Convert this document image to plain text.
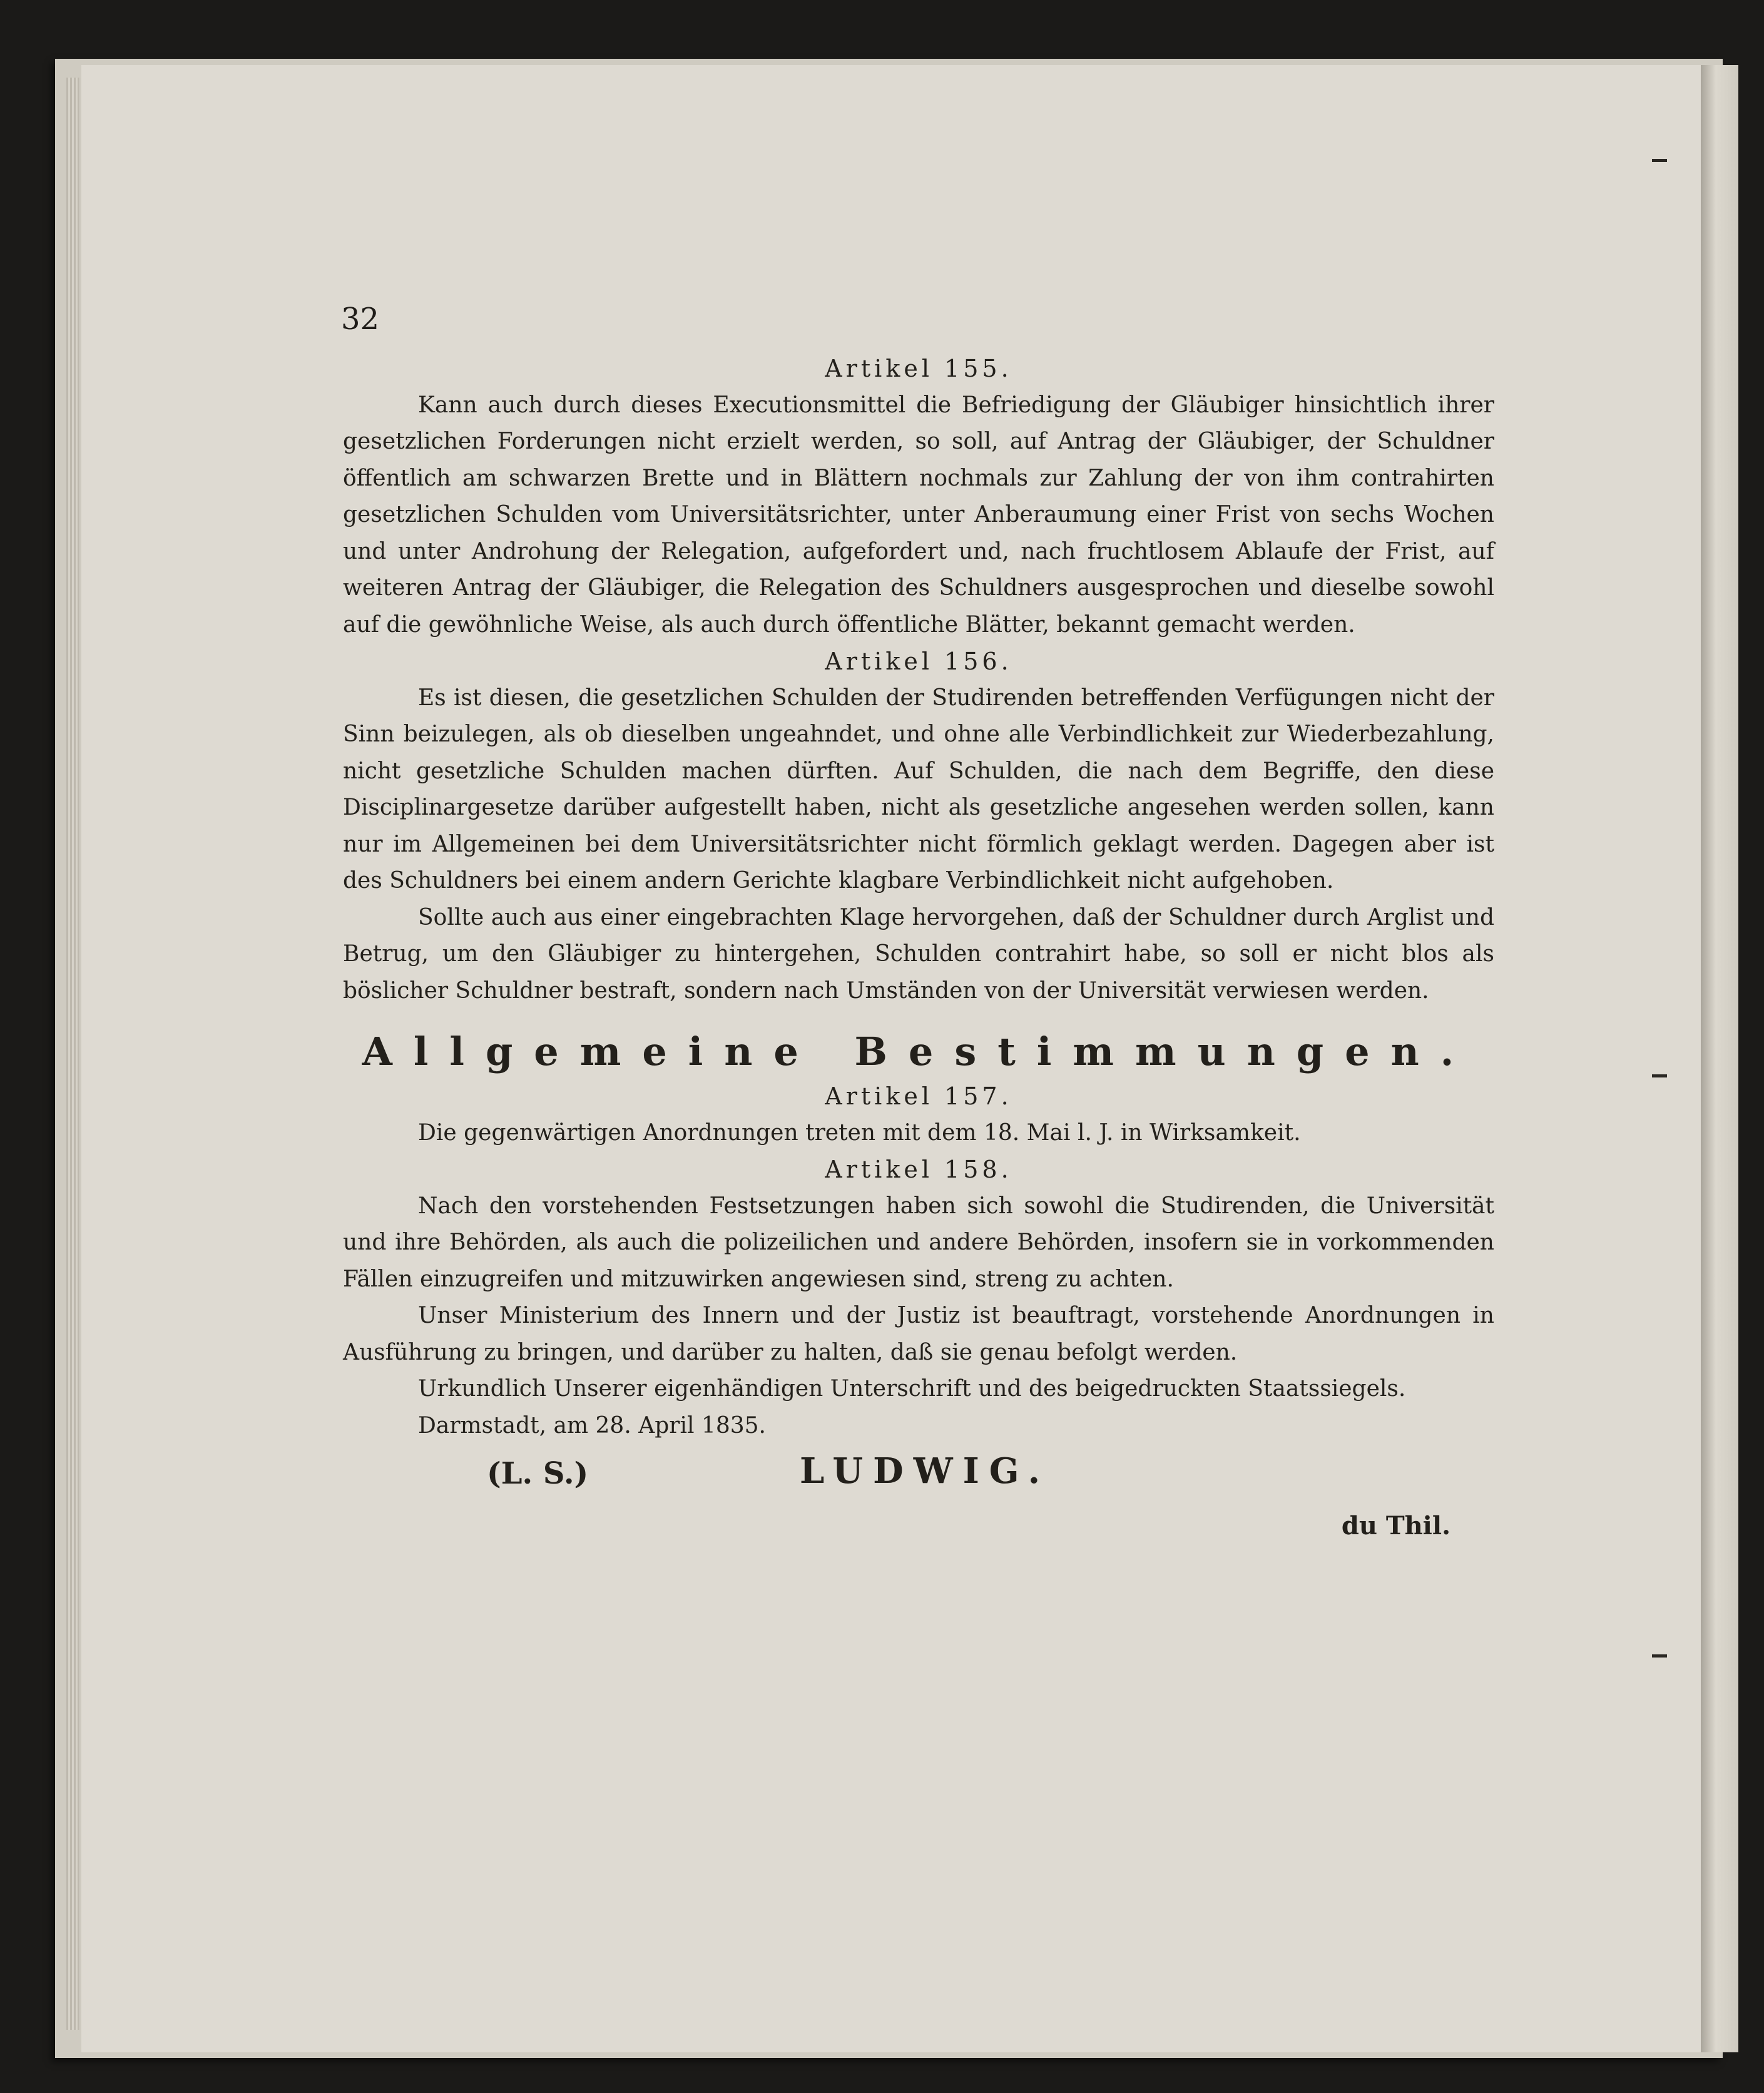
32
Artikel 155.

Kann auch durch dieses Executionsmittel die Befriedigung der Gläubiger hinsichtlich ihrer gesetzlichen Forderungen nicht erzielt werden, so soll, auf Antrag der Gläubiger, der Schuldner öffentlich am schwarzen Brette und in Blättern nochmals zur Zahlung der von ihm contrahirten gesetzlichen Schulden vom Universitätsrichter, unter Anberaumung einer Frist von sechs Wochen und unter Androhung der Relegation, aufgefordert und, nach fruchtlosem Ablaufe der Frist, auf weiteren Antrag der Gläubiger, die Relegation des Schuldners ausgesprochen und dieselbe sowohl auf die gewöhnliche Weise, als auch durch öffentliche Blätter, bekannt gemacht werden.

Artikel 156.

Es ist diesen, die gesetzlichen Schulden der Studirenden betreffenden Verfügungen nicht der Sinn beizulegen, als ob dieselben ungeahndet, und ohne alle Verbindlichkeit zur Wiederbezahlung, nicht gesetzliche Schulden machen dürften. Auf Schulden, die nach dem Begriffe, den diese Disciplinargesetze darüber aufgestellt haben, nicht als gesetzliche angesehen werden sollen, kann nur im Allgemeinen bei dem Universitätsrichter nicht förmlich geklagt werden. Dagegen aber ist des Schuldners bei einem andern Gerichte klagbare Verbindlichkeit nicht aufgehoben.

Sollte auch aus einer eingebrachten Klage hervorgehen, daß der Schuldner durch Arglist und Betrug, um den Gläubiger zu hintergehen, Schulden contrahirt habe, so soll er nicht blos als böslicher Schuldner bestraft, sondern nach Umständen von der Universität verwiesen werden.

Allgemeine Bestimmungen.
Artikel 157.

Die gegenwärtigen Anordnungen treten mit dem 18. Mai l. J. in Wirksamkeit.

Artikel 158.

Nach den vorstehenden Festsetzungen haben sich sowohl die Studirenden, die Universität und ihre Behörden, als auch die polizeilichen und andere Behörden, insofern sie in vorkommenden Fällen einzugreifen und mitzuwirken angewiesen sind, streng zu achten.

Unser Ministerium des Innern und der Justiz ist beauftragt, vorstehende Anordnungen in Ausführung zu bringen, und darüber zu halten, daß sie genau befolgt werden.

Urkundlich Unserer eigenhändigen Unterschrift und des beigedruckten Staatssiegels.

Darmstadt, am 28. April 1835.

(L. S.)	LUDWIG.
du Thil.
